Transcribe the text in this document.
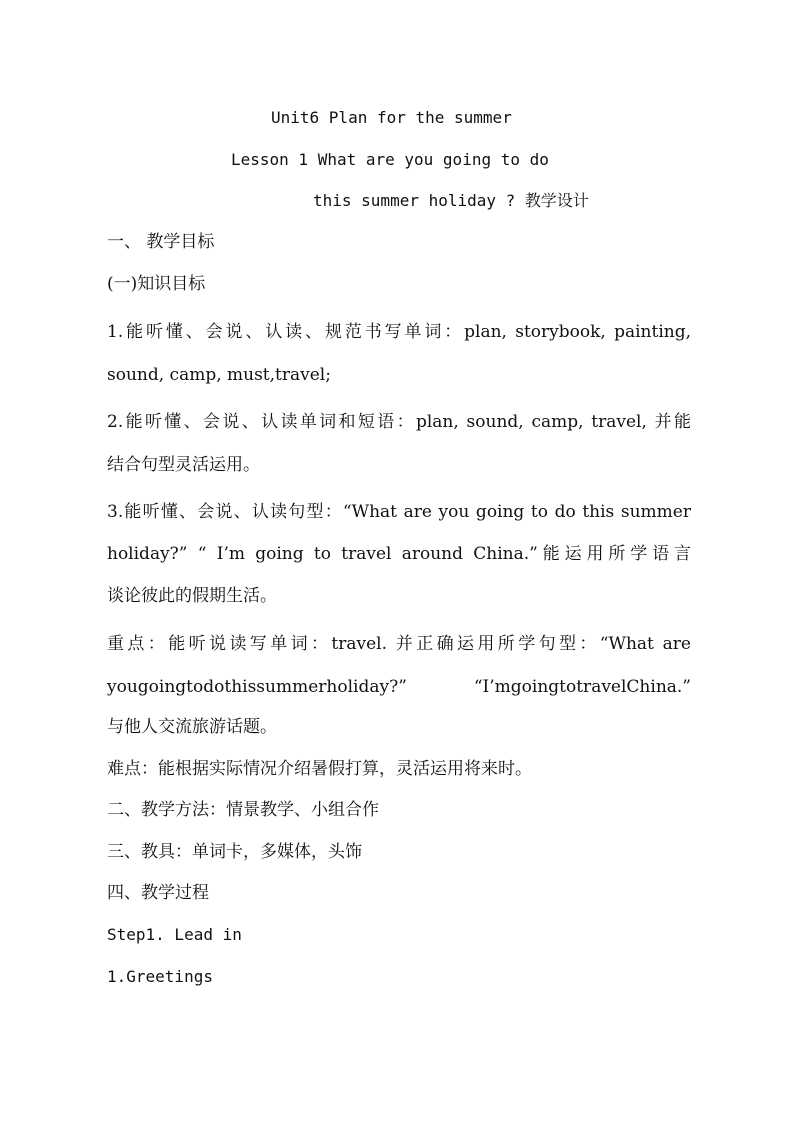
Unit6 Plan for the summer
Lesson 1 What are you going to do
this summer holiday ? 教学设计
一、 教学目标
(一)知识目标
1.能听懂、会说、认读、规范书写单词：plan, storybook, painting,
sound, camp, must,travel;
2.能听懂、会说、认读单词和短语：plan, sound, camp, travel, 并能
结合句型灵活运用。
3.能听懂、会说、认读句型：“What are you going to do this summer
holiday?” “ I’m going to travel around China.”能运用所学语言
谈论彼此的假期生活。
重点：能听说读写单词：travel. 并正确运用所学句型：“What are
yougoingtodothissummerholiday?” “I’mgoingtotravelChina.”
与他人交流旅游话题。
难点：能根据实际情况介绍暑假打算，灵活运用将来时。
二、教学方法：情景教学、小组合作
三、教具：单词卡，多媒体，头饰
四、教学过程
Step1. Lead in
1.Greetings
